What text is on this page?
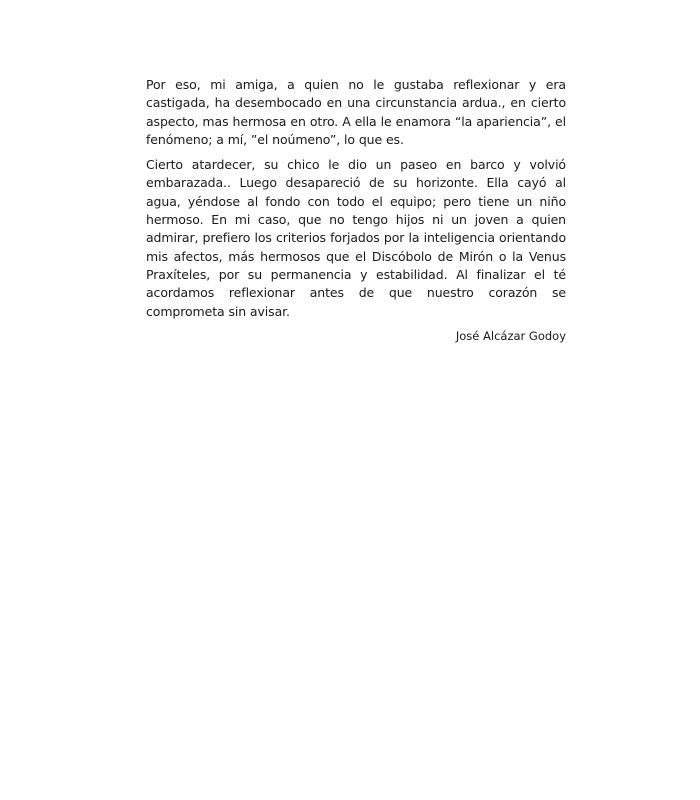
Por eso, mi amiga, a quien no le gustaba reflexionar y era castigada, ha desembocado en una circunstancia ardua., en cierto aspecto, mas hermosa en otro. A ella le enamora “la apariencia”, el fenómeno; a mí, ”el noúmeno”, lo que es.

Cierto atardecer, su chico le dio un paseo en barco y volvió embarazada.. Luego desapareció de su horizonte. Ella cayó al agua, yéndose al fondo con todo el equipo; pero tiene un niño hermoso. En mi caso, que no tengo hijos ni un joven a quien admirar, prefiero los criterios forjados por la inteligencia orientando mis afectos, más hermosos que el Discóbolo de Mirón o la Venus Praxíteles, por su permanencia y estabilidad. Al finalizar el té acordamos reflexionar antes de que nuestro corazón se comprometa sin avisar.

José Alcázar Godoy
